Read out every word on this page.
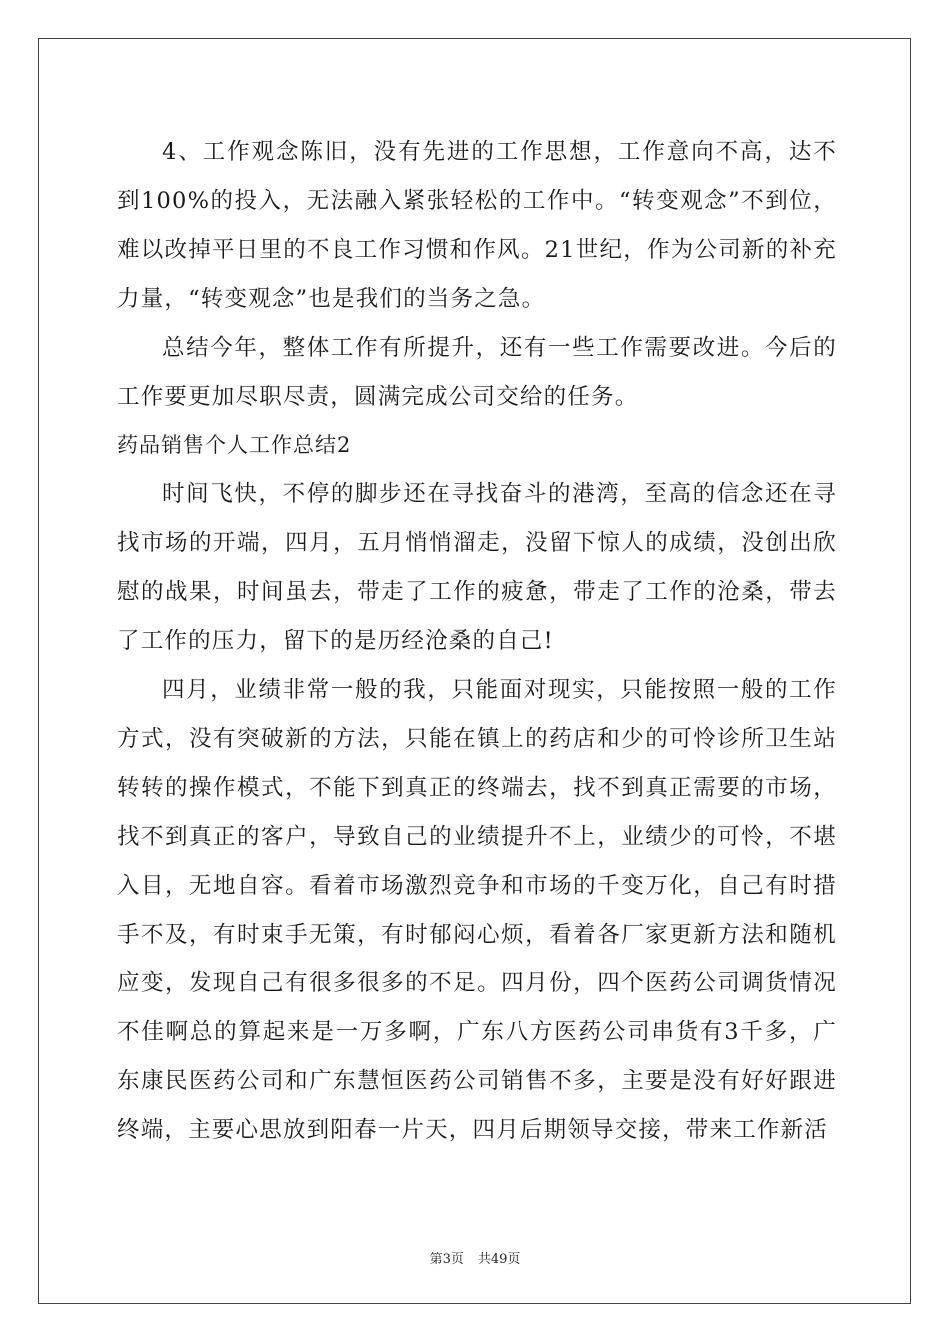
4、工作观念陈旧，没有先进的工作思想，工作意向不高，达不到100%的投入，无法融入紧张轻松的工作中。“转变观念”不到位，难以改掉平日里的不良工作习惯和作风。21世纪，作为公司新的补充力量，“转变观念”也是我们的当务之急。

总结今年，整体工作有所提升，还有一些工作需要改进。今后的工作要更加尽职尽责，圆满完成公司交给的任务。

药品销售个人工作总结2

时间飞快，不停的脚步还在寻找奋斗的港湾，至高的信念还在寻找市场的开端，四月，五月悄悄溜走，没留下惊人的成绩，没创出欣慰的战果，时间虽去，带走了工作的疲惫，带走了工作的沧桑，带去了工作的压力，留下的是历经沧桑的自己!

四月，业绩非常一般的我，只能面对现实，只能按照一般的工作方式，没有突破新的方法，只能在镇上的药店和少的可怜诊所卫生站转转的操作模式，不能下到真正的终端去，找不到真正需要的市场，找不到真正的客户，导致自己的业绩提升不上，业绩少的可怜，不堪入目，无地自容。看着市场激烈竞争和市场的千变万化，自己有时措手不及，有时束手无策，有时郁闷心烦，看着各厂家更新方法和随机应变，发现自己有很多很多的不足。四月份，四个医药公司调货情况不佳啊总的算起来是一万多啊，广东八方医药公司串货有3千多，广东康民医药公司和广东慧恒医药公司销售不多，主要是没有好好跟进终端，主要心思放到阳春一片天，四月后期领导交接，带来工作新活

第3页 共49页
